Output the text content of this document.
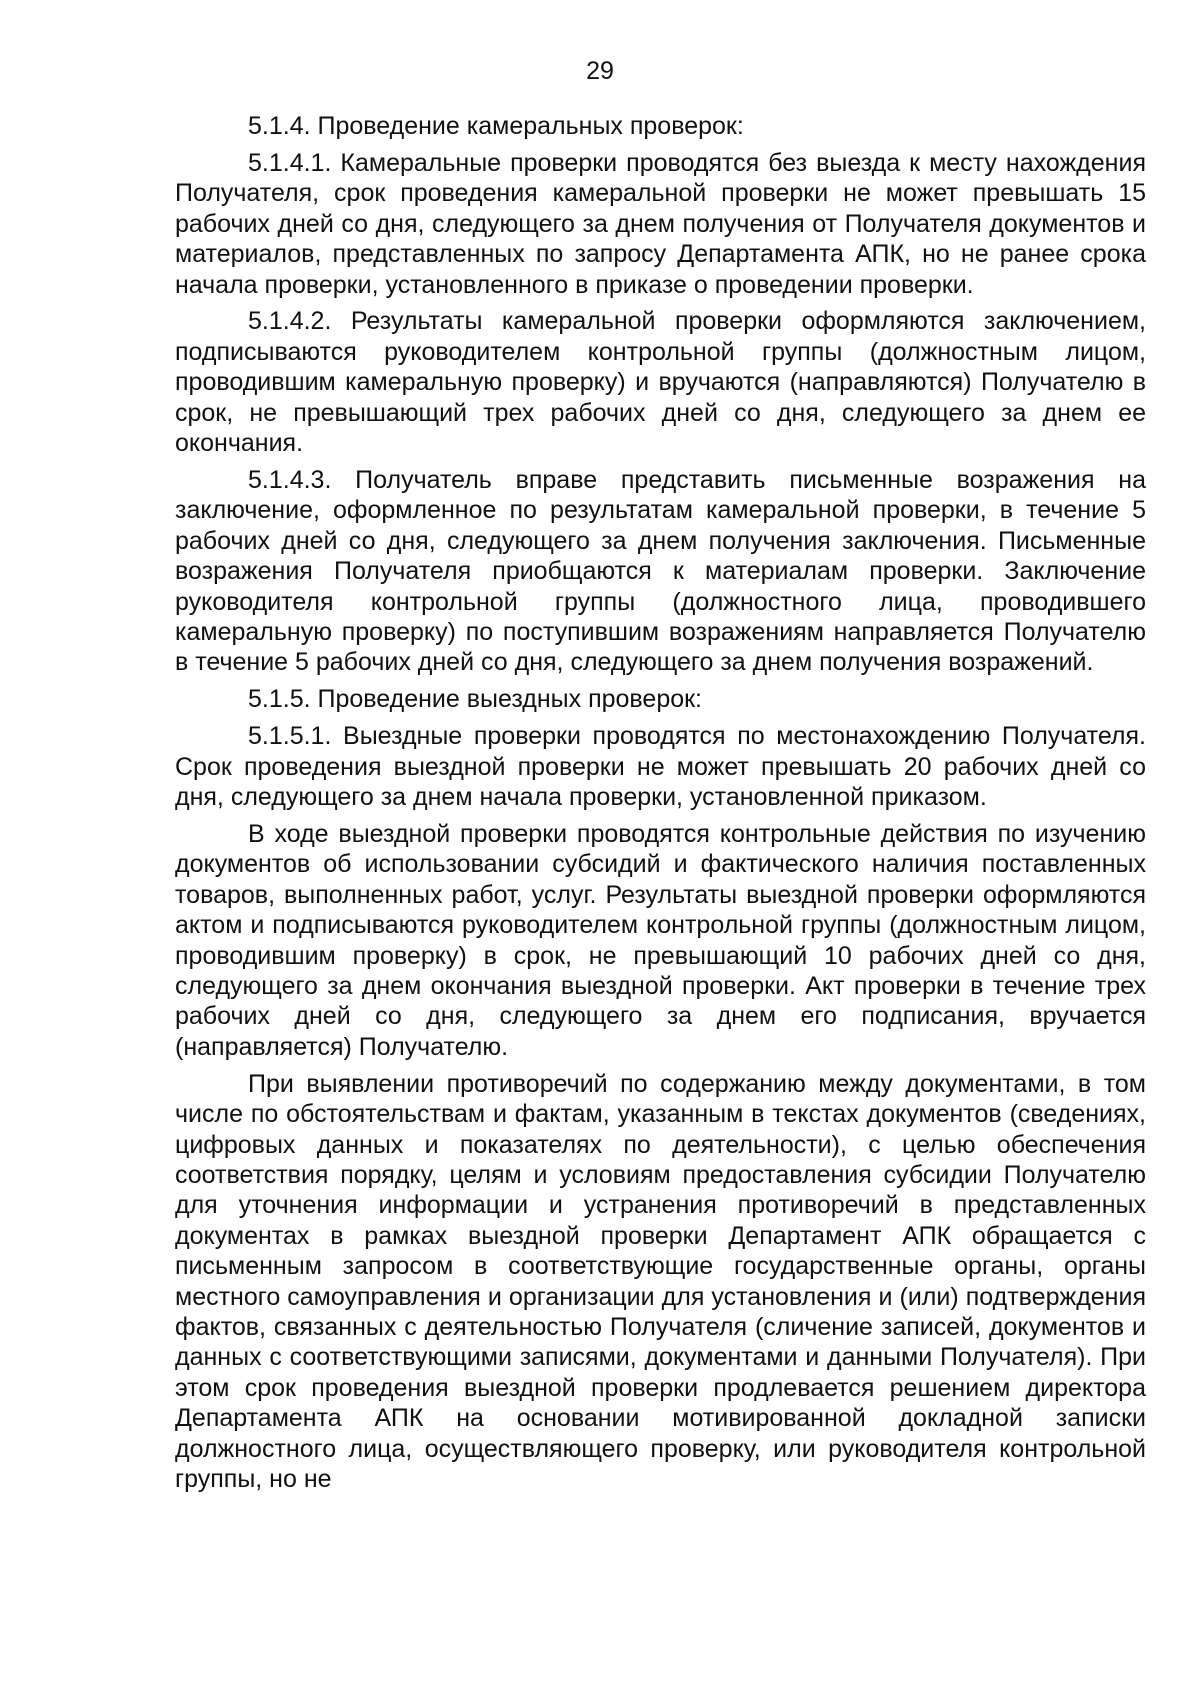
29

5.1.4. Проведение камеральных проверок:

5.1.4.1. Камеральные проверки проводятся без выезда к месту нахождения Получателя, срок проведения камеральной проверки не может превышать 15 рабочих дней со дня, следующего за днем получения от Получателя документов и материалов, представленных по запросу Департамента АПК, но не ранее срока начала проверки, установленного в приказе о проведении проверки.

5.1.4.2. Результаты камеральной проверки оформляются заключением, подписываются руководителем контрольной группы (должностным лицом, проводившим камеральную проверку) и вручаются (направляются) Получателю в срок, не превышающий трех рабочих дней со дня, следующего за днем ее окончания.

5.1.4.3. Получатель вправе представить письменные возражения на заключение, оформленное по результатам камеральной проверки, в течение 5 рабочих дней со дня, следующего за днем получения заключения. Письменные возражения Получателя приобщаются к материалам проверки. Заключение руководителя контрольной группы (должностного лица, проводившего камеральную проверку) по поступившим возражениям направляется Получателю в течение 5 рабочих дней со дня, следующего за днем получения возражений.

5.1.5. Проведение выездных проверок:

5.1.5.1. Выездные проверки проводятся по местонахождению Получателя. Срок проведения выездной проверки не может превышать 20 рабочих дней со дня, следующего за днем начала проверки, установленной приказом.

В ходе выездной проверки проводятся контрольные действия по изучению документов об использовании субсидий и фактического наличия поставленных товаров, выполненных работ, услуг. Результаты выездной проверки оформляются актом и подписываются руководителем контрольной группы (должностным лицом, проводившим проверку) в срок, не превышающий 10 рабочих дней со дня, следующего за днем окончания выездной проверки. Акт проверки в течение трех рабочих дней со дня, следующего за днем его подписания, вручается (направляется) Получателю.

При выявлении противоречий по содержанию между документами, в том числе по обстоятельствам и фактам, указанным в текстах документов (сведениях, цифровых данных и показателях по деятельности), с целью обеспечения соответствия порядку, целям и условиям предоставления субсидии Получателю для уточнения информации и устранения противоречий в представленных документах в рамках выездной проверки Департамент АПК обращается с письменным запросом в соответствующие государственные органы, органы местного самоуправления и организации для установления и (или) подтверждения фактов, связанных с деятельностью Получателя (сличение записей, документов и данных с соответствующими записями, документами и данными Получателя). При этом срок проведения выездной проверки продлевается решением директора Департамента АПК на основании мотивированной докладной записки должностного лица, осуществляющего проверку, или руководителя контрольной группы, но не
